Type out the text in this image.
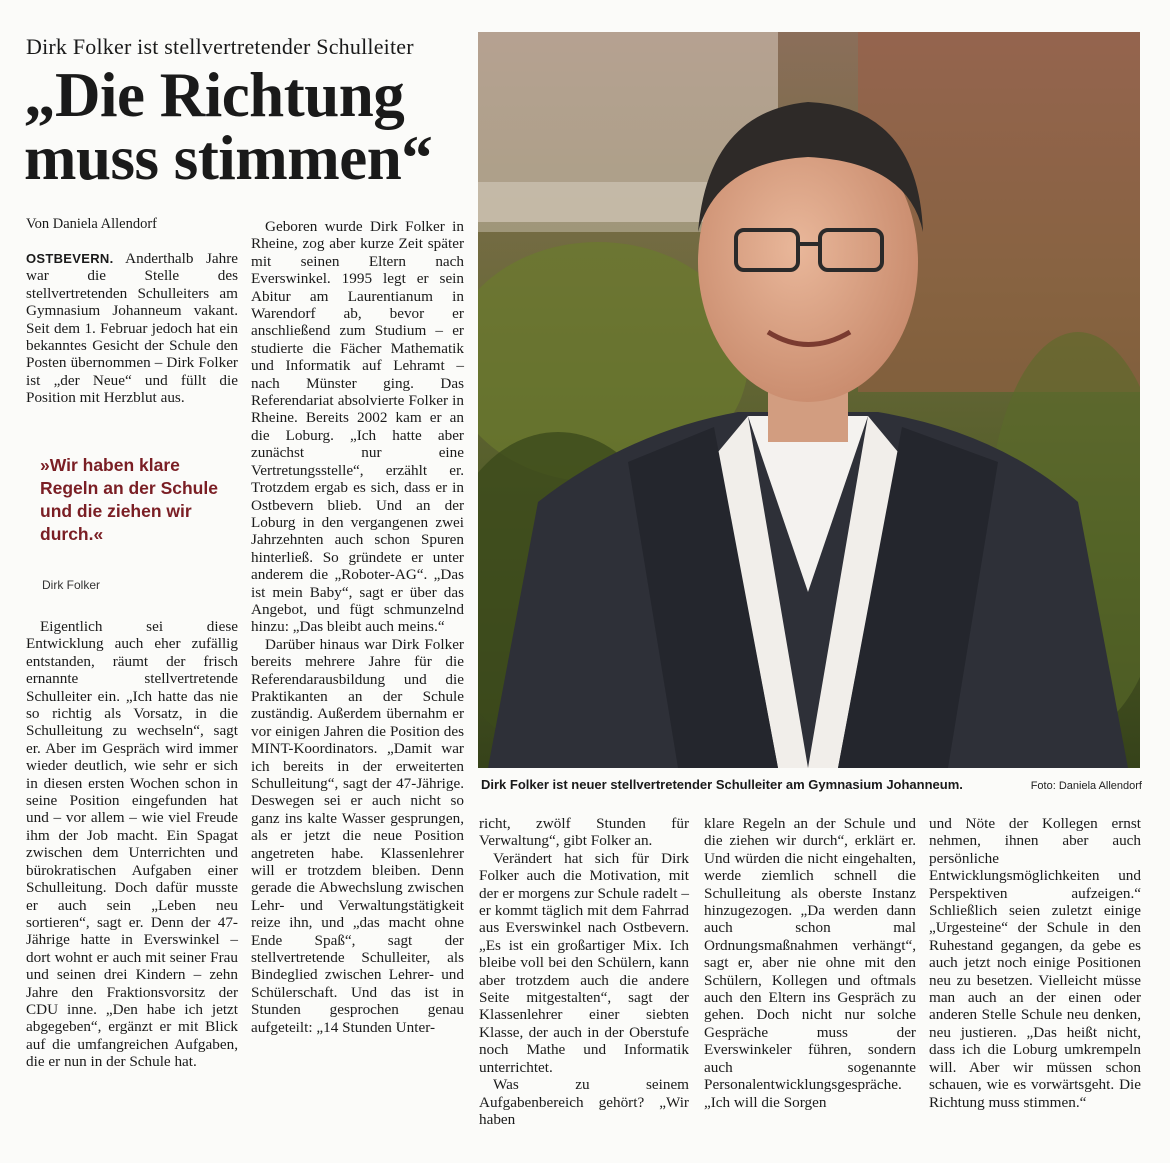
Dirk Folker ist stellvertretender Schulleiter
„Die Richtung
muss stimmen“
Von Daniela Allendorf

OSTBEVERN. Anderthalb Jahre war die Stelle des stellvertretenden Schulleiters am Gymnasium Johanneum vakant. Seit dem 1. Februar jedoch hat ein bekanntes Gesicht der Schule den Posten übernommen – Dirk Folker ist „der Neue“ und füllt die Position mit Herzblut aus.

»Wir haben klare Regeln an der Schule und die ziehen wir durch.«
Dirk Folker

Eigentlich sei diese Entwicklung auch eher zufällig entstanden, räumt der frisch ernannte stellvertretende Schulleiter ein. „Ich hatte das nie so richtig als Vorsatz, in die Schulleitung zu wechseln“, sagt er. Aber im Gespräch wird immer wieder deutlich, wie sehr er sich in diesen ersten Wochen schon in seine Position eingefunden hat und – vor allem – wie viel Freude ihm der Job macht. Ein Spagat zwischen dem Unterrichten und bürokratischen Aufgaben einer Schulleitung. Doch dafür musste er auch sein „Leben neu sortieren“, sagt er. Denn der 47-Jährige hatte in Everswinkel – dort wohnt er auch mit seiner Frau und seinen drei Kindern – zehn Jahre den Fraktionsvorsitz der CDU inne. „Den habe ich jetzt abgegeben“, ergänzt er mit Blick auf die umfangreichen Aufgaben, die er nun in der Schule hat.

Geboren wurde Dirk Folker in Rheine, zog aber kurze Zeit später mit seinen Eltern nach Everswinkel. 1995 legt er sein Abitur am Laurentianum in Warendorf ab, bevor er anschließend zum Studium – er studierte die Fächer Mathematik und Informatik auf Lehramt – nach Münster ging. Das Referendariat absolvierte Folker in Rheine. Bereits 2002 kam er an die Loburg. „Ich hatte aber zunächst nur eine Vertretungsstelle“, erzählt er. Trotzdem ergab es sich, dass er in Ostbevern blieb. Und an der Loburg in den vergangenen zwei Jahrzehnten auch schon Spuren hinterließ. So gründete er unter anderem die „Roboter-AG“. „Das ist mein Baby“, sagt er über das Angebot, und fügt schmunzelnd hinzu: „Das bleibt auch meins.“

Darüber hinaus war Dirk Folker bereits mehrere Jahre für die Referendarausbildung und die Praktikanten an der Schule zuständig. Außerdem übernahm er vor einigen Jahren die Position des MINT-Koordinators. „Damit war ich bereits in der erweiterten Schulleitung“, sagt der 47-Jährige. Deswegen sei er auch nicht so ganz ins kalte Wasser gesprungen, als er jetzt die neue Position angetreten habe. Klassenlehrer will er trotzdem bleiben. Denn gerade die Abwechslung zwischen Lehr- und Verwaltungstätigkeit reize ihn, und „das macht ohne Ende Spaß“, sagt der stellvertretende Schulleiter, als Bindeglied zwischen Lehrer- und Schülerschaft. Und das ist in Stunden gesprochen genau aufgeteilt: „14 Stunden Unter-

Dirk Folker ist neuer stellvertretender Schulleiter am Gymnasium Johanneum.	Foto: Daniela Allendorf

richt, zwölf Stunden für Verwaltung“, gibt Folker an.

Verändert hat sich für Dirk Folker auch die Motivation, mit der er morgens zur Schule radelt – er kommt täglich mit dem Fahrrad aus Everswinkel nach Ostbevern. „Es ist ein großartiger Mix. Ich bleibe voll bei den Schülern, kann aber trotzdem auch die andere Seite mitgestalten“, sagt der Klassenlehrer einer siebten Klasse, der auch in der Oberstufe noch Mathe und Informatik unterrichtet.

Was zu seinem Aufgabenbereich gehört? „Wir haben

klare Regeln an der Schule und die ziehen wir durch“, erklärt er. Und würden die nicht eingehalten, werde ziemlich schnell die Schulleitung als oberste Instanz hinzugezogen. „Da werden dann auch schon mal Ordnungsmaßnahmen verhängt“, sagt er, aber nie ohne mit den Schülern, Kollegen und oftmals auch den Eltern ins Gespräch zu gehen. Doch nicht nur solche Gespräche muss der Everswinkeler führen, sondern auch sogenannte Personalentwicklungsgespräche. „Ich will die Sorgen

und Nöte der Kollegen ernst nehmen, ihnen aber auch persönliche Entwicklungsmöglichkeiten und Perspektiven aufzeigen.“ Schließlich seien zuletzt einige „Urgesteine“ der Schule in den Ruhestand gegangen, da gebe es auch jetzt noch einige Positionen neu zu besetzen. Vielleicht müsse man auch an der einen oder anderen Stelle Schule neu denken, neu justieren. „Das heißt nicht, dass ich die Loburg umkrempeln will. Aber wir müssen schon schauen, wie es vorwärtsgeht. Die Richtung muss stimmen.“
